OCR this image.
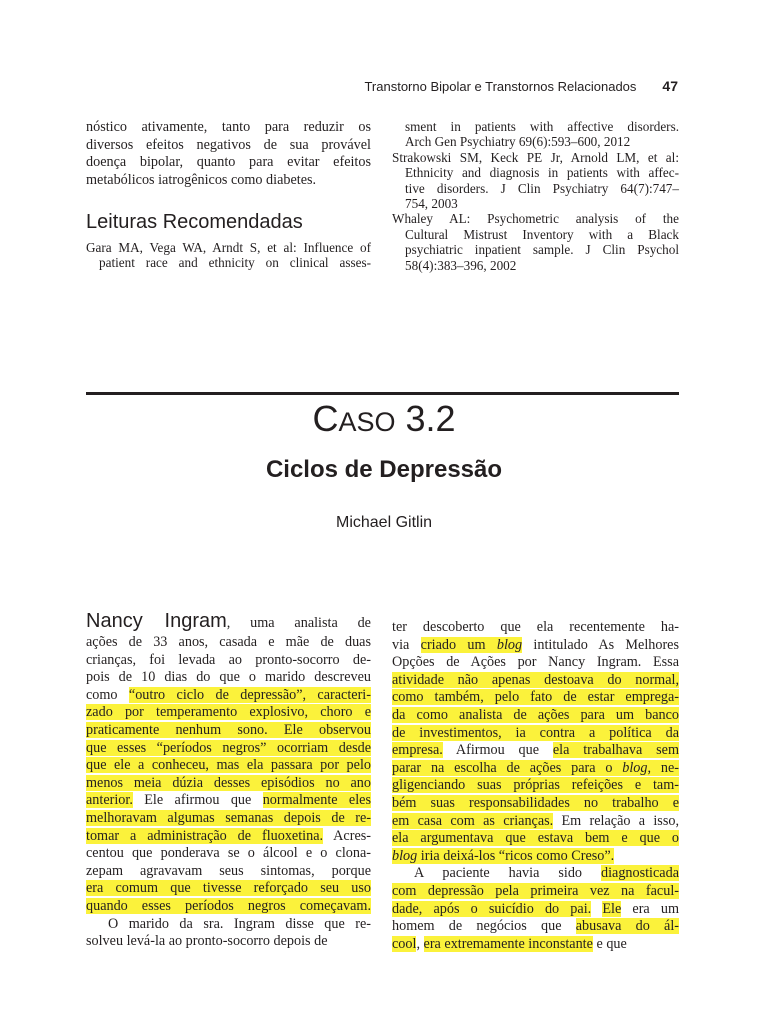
Transtorno Bipolar e Transtornos Relacionados 47
nóstico ativamente, tanto para reduzir os
diversos efeitos negativos de sua provável
doença bipolar, quanto para evitar efeitos
metabólicos iatrogênicos como diabetes.
Leituras Recomendadas
Gara MA, Vega WA, Arndt S, et al: Influence of
patient race and ethnicity on clinical asses-
sment in patients with affective disorders.
Arch Gen Psychiatry 69(6):593–600, 2012
Strakowski SM, Keck PE Jr, Arnold LM, et al:
Ethnicity and diagnosis in patients with affec-
tive disorders. J Clin Psychiatry 64(7):747–
754, 2003
Whaley AL: Psychometric analysis of the
Cultural Mistrust Inventory with a Black
psychiatric inpatient sample. J Clin Psychol
58(4):383–396, 2002
CASO 3.2
Ciclos de Depressão
Michael Gitlin
Nancy Ingram, uma analista de
ações de 33 anos, casada e mãe de duas
crianças, foi levada ao pronto-socorro de-
pois de 10 dias do que o marido descreveu
como “outro ciclo de depressão”, caracteri-
zado por temperamento explosivo, choro e
praticamente nenhum sono. Ele observou
que esses “períodos negros” ocorriam desde
que ele a conheceu, mas ela passara por pelo
menos meia dúzia desses episódios no ano
anterior. Ele afirmou que normalmente eles
melhoravam algumas semanas depois de re-
tomar a administração de fluoxetina. Acres-
centou que ponderava se o álcool e o clona-
zepam agravavam seus sintomas, porque
era comum que tivesse reforçado seu uso
quando esses períodos negros começavam.
O marido da sra. Ingram disse que re-
solveu levá-la ao pronto-socorro depois de
ter descoberto que ela recentemente ha-
via criado um blog intitulado As Melhores
Opções de Ações por Nancy Ingram. Essa
atividade não apenas destoava do normal,
como também, pelo fato de estar emprega-
da como analista de ações para um banco
de investimentos, ia contra a política da
empresa. Afirmou que ela trabalhava sem
parar na escolha de ações para o blog, ne-
gligenciando suas próprias refeições e tam-
bém suas responsabilidades no trabalho e
em casa com as crianças. Em relação a isso,
ela argumentava que estava bem e que o
blog iria deixá-los “ricos como Creso”.
A paciente havia sido diagnosticada
com depressão pela primeira vez na facul-
dade, após o suicídio do pai. Ele era um
homem de negócios que abusava do ál-
cool, era extremamente inconstante e que
